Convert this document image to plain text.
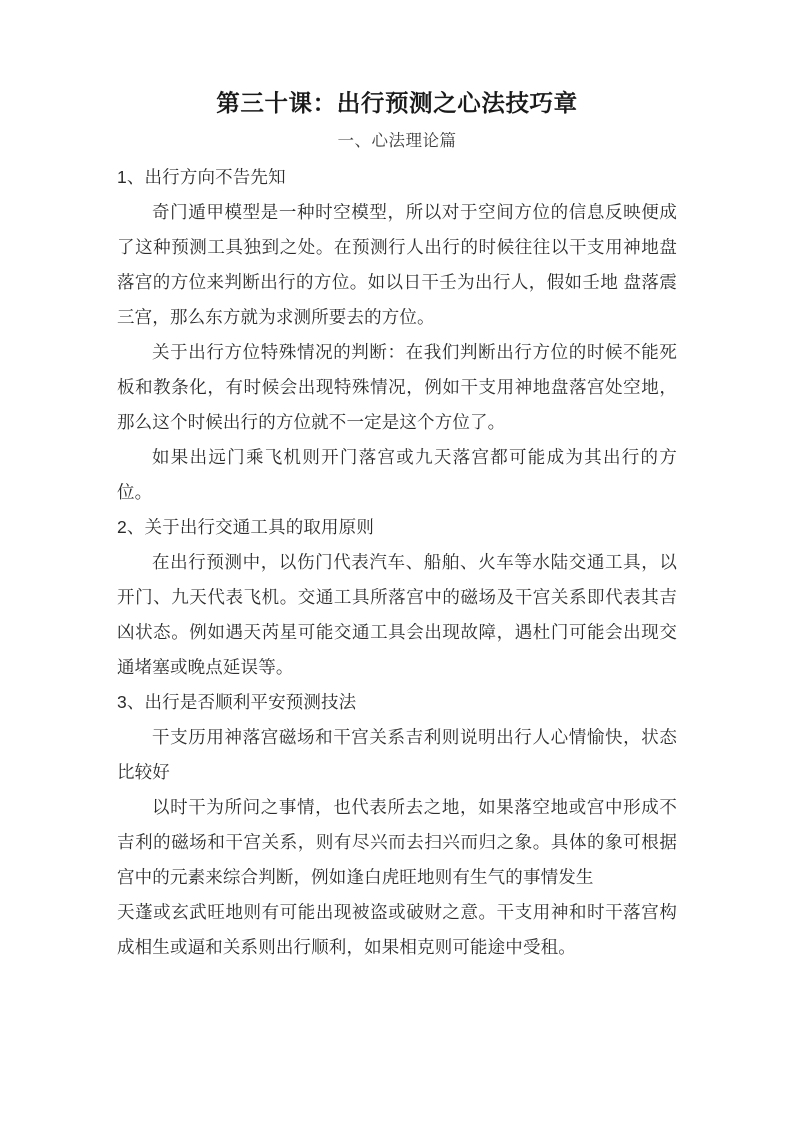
第三十课：出行预测之心法技巧章
一、心法理论篇
1、出行方向不告先知

奇门遁甲模型是一种时空模型，所以对于空间方位的信息反映便成了这种预测工具独到之处。在预测行人出行的时候往往以干支用神地盘落宫的方位来判断出行的方位。如以日干壬为出行人，假如壬地 盘落震三宫，那么东方就为求测所要去的方位。

关于出行方位特殊情况的判断：在我们判断出行方位的时候不能死板和教条化，有时候会出现特殊情况，例如干支用神地盘落宫处空地，那么这个时候出行的方位就不一定是这个方位了。

如果出远门乘飞机则开门落宫或九天落宫都可能成为其出行的方位。

2、关于出行交通工具的取用原则

在出行预测中，以伤门代表汽车、船舶、火车等水陆交通工具，以开门、九天代表飞机。交通工具所落宫中的磁场及干宫关系即代表其吉凶状态。例如遇天芮星可能交通工具会出现故障，遇杜门可能会出现交通堵塞或晚点延误等。

3、出行是否顺利平安预测技法

干支历用神落宫磁场和干宫关系吉利则说明出行人心情愉快，状态比较好

以时干为所问之事情，也代表所去之地，如果落空地或宫中形成不吉利的磁场和干宫关系，则有尽兴而去扫兴而归之象。具体的象可根据宫中的元素来综合判断，例如逢白虎旺地则有生气的事情发生

天蓬或玄武旺地则有可能出现被盗或破财之意。干支用神和时干落宫构成相生或逼和关系则出行顺利，如果相克则可能途中受租。
